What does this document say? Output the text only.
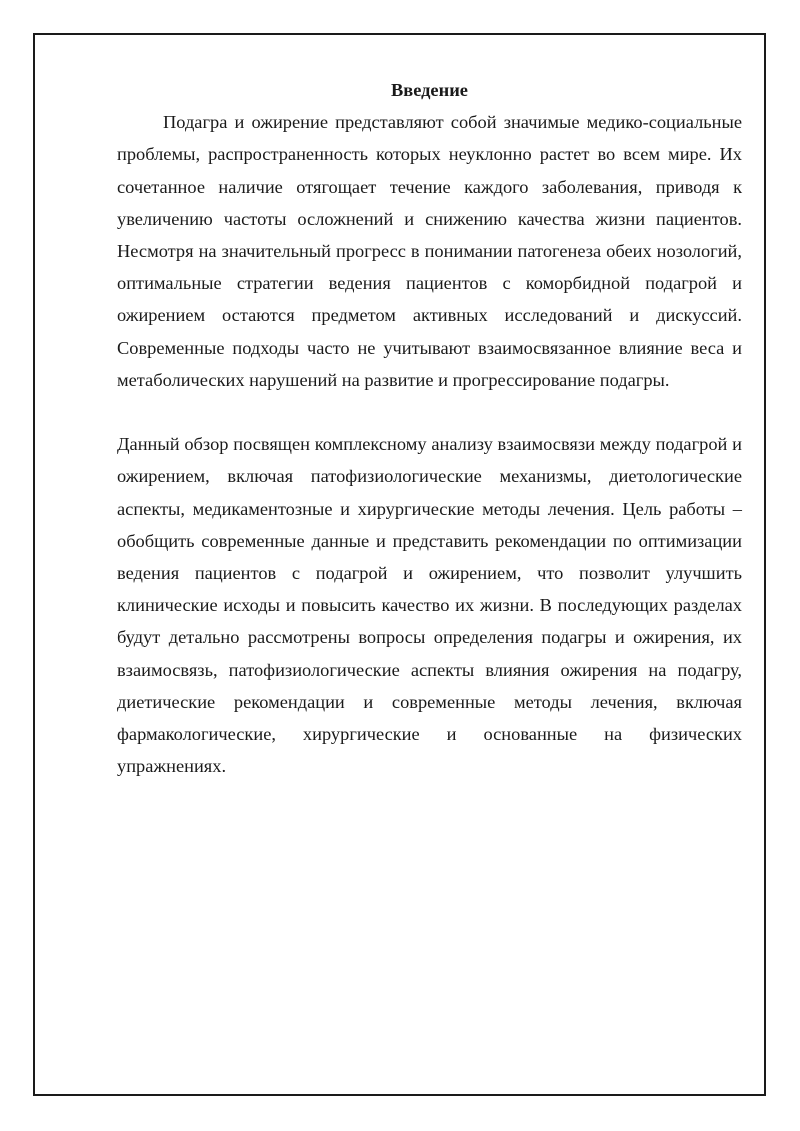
Введение

Подагра и ожирение представляют собой значимые медико-социальные проблемы, распространенность которых неуклонно растет во всем мире. Их сочетанное наличие отягощает течение каждого заболевания, приводя к увеличению частоты осложнений и снижению качества жизни пациентов. Несмотря на значительный прогресс в понимании патогенеза обеих нозологий, оптимальные стратегии ведения пациентов с коморбидной подагрой и ожирением остаются предметом активных исследований и дискуссий. Современные подходы часто не учитывают взаимосвязанное влияние веса и метаболических нарушений на развитие и прогрессирование подагры.

Данный обзор посвящен комплексному анализу взаимосвязи между подагрой и ожирением, включая патофизиологические механизмы, диетологические аспекты, медикаментозные и хирургические методы лечения. Цель работы – обобщить современные данные и представить рекомендации по оптимизации ведения пациентов с подагрой и ожирением, что позволит улучшить клинические исходы и повысить качество их жизни. В последующих разделах будут детально рассмотрены вопросы определения подагры и ожирения, их взаимосвязь, патофизиологические аспекты влияния ожирения на подагру, диетические рекомендации и современные методы лечения, включая фармакологические, хирургические и основанные на физических упражнениях.
